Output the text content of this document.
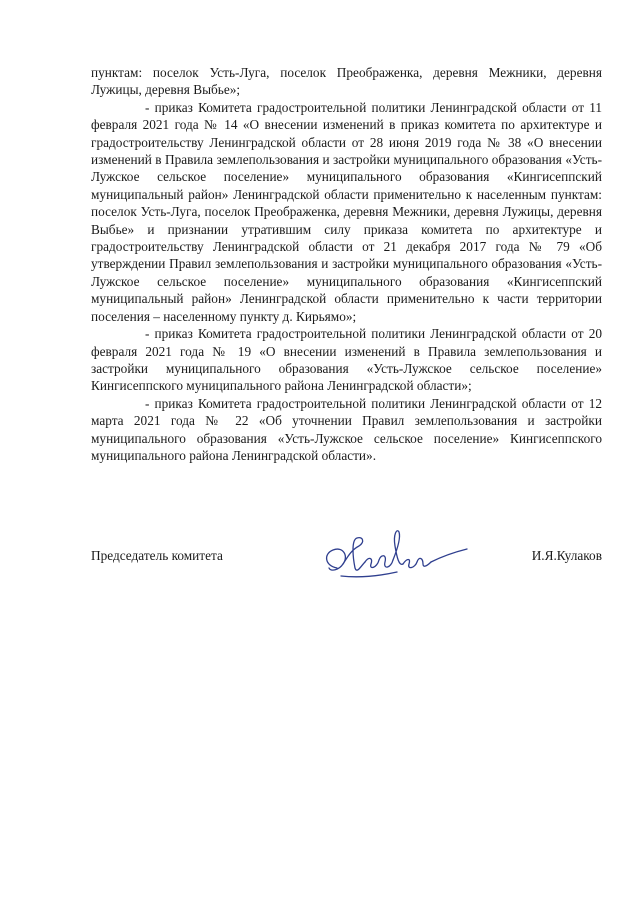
пунктам: поселок Усть-Луга, поселок Преображенка, деревня Межники, деревня Лужицы, деревня Выбье»;

- приказ Комитета градостроительной политики Ленинградской области от 11 февраля 2021 года № 14 «О внесении изменений в приказ комитета по архитектуре и градостроительству Ленинградской области от 28 июня 2019 года № 38 «О внесении изменений в Правила землепользования и застройки муниципального образования «Усть-Лужское сельское поселение» муниципального образования «Кингисеппский муниципальный район» Ленинградской области применительно к населенным пунктам: поселок Усть-Луга, поселок Преображенка, деревня Межники, деревня Лужицы, деревня Выбье» и признании утратившим силу приказа комитета по архитектуре и градостроительству Ленинградской области от 21 декабря 2017 года № 79 «Об утверждении Правил землепользования и застройки муниципального образования «Усть-Лужское сельское поселение» муниципального образования «Кингисеппский муниципальный район» Ленинградской области применительно к части территории поселения – населенному пункту д. Кирьямо»;

- приказ Комитета градостроительной политики Ленинградской области от 20 февраля 2021 года № 19 «О внесении изменений в Правила землепользования и застройки муниципального образования «Усть-Лужское сельское поселение» Кингисеппского муниципального района Ленинградской области»;

- приказ Комитета градостроительной политики Ленинградской области от 12 марта 2021 года № 22 «Об уточнении Правил землепользования и застройки муниципального образования «Усть-Лужское сельское поселение» Кингисеппского муниципального района Ленинградской области».

Председатель комитета	И.Я.Кулаков
